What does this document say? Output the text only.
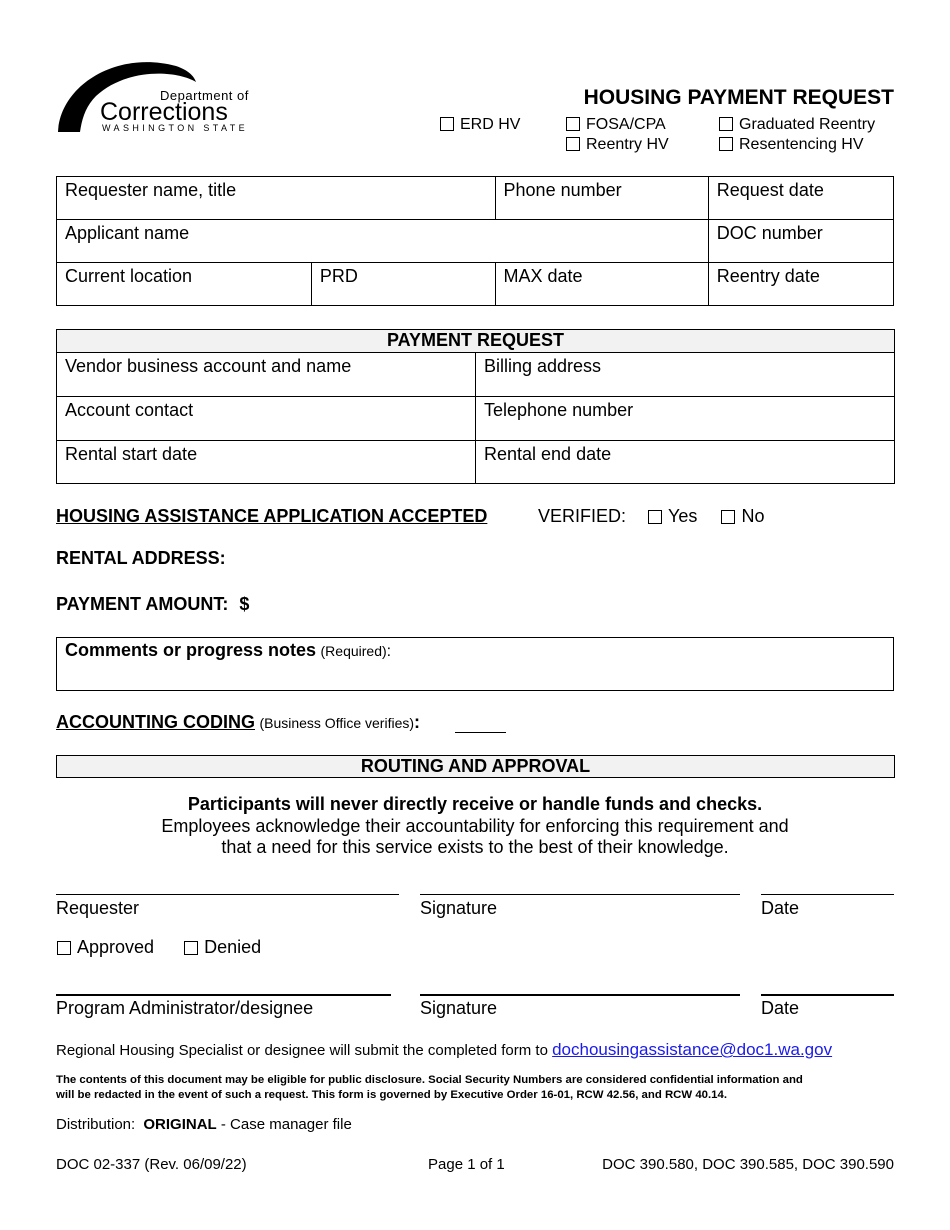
Department of
Corrections
WASHINGTON STATE
HOUSING PAYMENT REQUEST
ERD HV	FOSA/CPA	Graduated Reentry
Reentry HV	Resentencing HV
Requester name, title		Phone number	Request date
Applicant name			DOC number
Current location	PRD	MAX date	Reentry date
PAYMENT REQUEST	
Vendor business account and name	Billing address
Account contact	Telephone number
Rental start date	Rental end date
HOUSING ASSISTANCE APPLICATION ACCEPTED	VERIFIED: Yes No
RENTAL ADDRESS:
PAYMENT AMOUNT: $
Comments or progress notes (Required):
ACCOUNTING CODING (Business Office verifies):
ROUTING AND APPROVAL
Participants will never directly receive or handle funds and checks.
Employees acknowledge their accountability for enforcing this requirement and
that a need for this service exists to the best of their knowledge.
Requester	Signature	Date
Approved	Denied
Program Administrator/designee	Signature	Date
Regional Housing Specialist or designee will submit the completed form to dochousingassistance@doc1.wa.gov
The contents of this document may be eligible for public disclosure. Social Security Numbers are considered confidential information and
will be redacted in the event of such a request. This form is governed by Executive Order 16-01, RCW 42.56, and RCW 40.14.
Distribution: ORIGINAL - Case manager file
DOC 02-337 (Rev. 06/09/22)	Page 1 of 1	DOC 390.580, DOC 390.585, DOC 390.590
